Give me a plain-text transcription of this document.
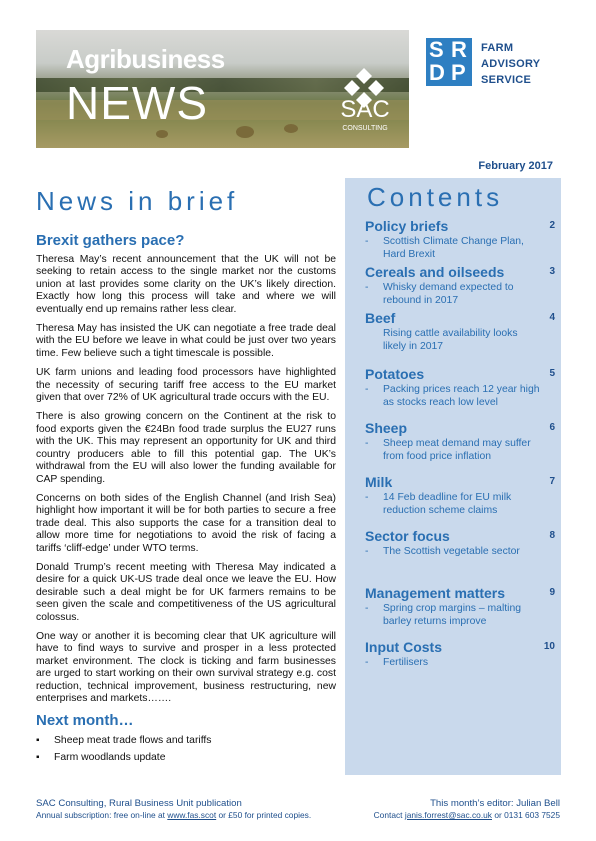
Agribusiness
NEWS	SAC
CONSULTING
S R
D P
FARM
ADVISORY
SERVICE
February 2017
News in brief
Brexit gathers pace?

Theresa May’s recent announcement that the UK will not be seeking to retain access to the single market nor the customs union at last provides some clarity on the UK’s likely direction. Exactly how long this process will take and where we will eventually end up remains rather less clear.

Theresa May has insisted the UK can negotiate a free trade deal with the EU before we leave in what could be just over two years time. Few believe such a tight timescale is possible.

UK farm unions and leading food processors have highlighted the necessity of securing tariff free access to the EU market given that over 72% of UK agricultural trade occurs with the EU.

There is also growing concern on the Continent at the risk to food exports given the €24Bn food trade surplus the EU27 runs with the UK. This may represent an opportunity for UK and third country producers able to fill this potential gap. The UK’s withdrawal from the EU will also lower the funding available for CAP spending.

Concerns on both sides of the English Channel (and Irish Sea) highlight how important it will be for both parties to secure a free trade deal. This also supports the case for a transition deal to allow more time for negotiations to avoid the risk of facing a tariffs ‘cliff-edge’ under WTO terms.

Donald Trump’s recent meeting with Theresa May indicated a desire for a quick UK-US trade deal once we leave the EU. How desirable such a deal might be for UK farmers remains to be seen given the scale and competitiveness of the US agricultural colossus.

One way or another it is becoming clear that UK agriculture will have to find ways to survive and prosper in a less protected market environment. The clock is ticking and farm businesses are urged to start working on their own survival strategy e.g. cost reduction, technical improvement, business restructuring, new enterprises and markets…….

Next month…
▪ Sheep meat trade flows and tariffs
▪ Farm woodlands update
Contents
Policy briefs	2
- Scottish Climate Change Plan, Hard Brexit
Cereals and oilseeds	3
- Whisky demand expected to rebound in 2017
Beef	4
Rising cattle availability looks likely in 2017
Potatoes	5
- Packing prices reach 12 year high as stocks reach low level
Sheep	6
- Sheep meat demand may suffer from food price inflation
Milk	7
- 14 Feb deadline for EU milk reduction scheme claims
Sector focus	8
- The Scottish vegetable sector
Management matters	9
- Spring crop margins – malting barley returns improve
Input Costs	10
- Fertilisers
SAC Consulting, Rural Business Unit publication	This month’s editor: Julian Bell
Annual subscription: free on-line at www.fas.scot or £50 for printed copies.	Contact janis.forrest@sac.co.uk or 0131 603 7525
